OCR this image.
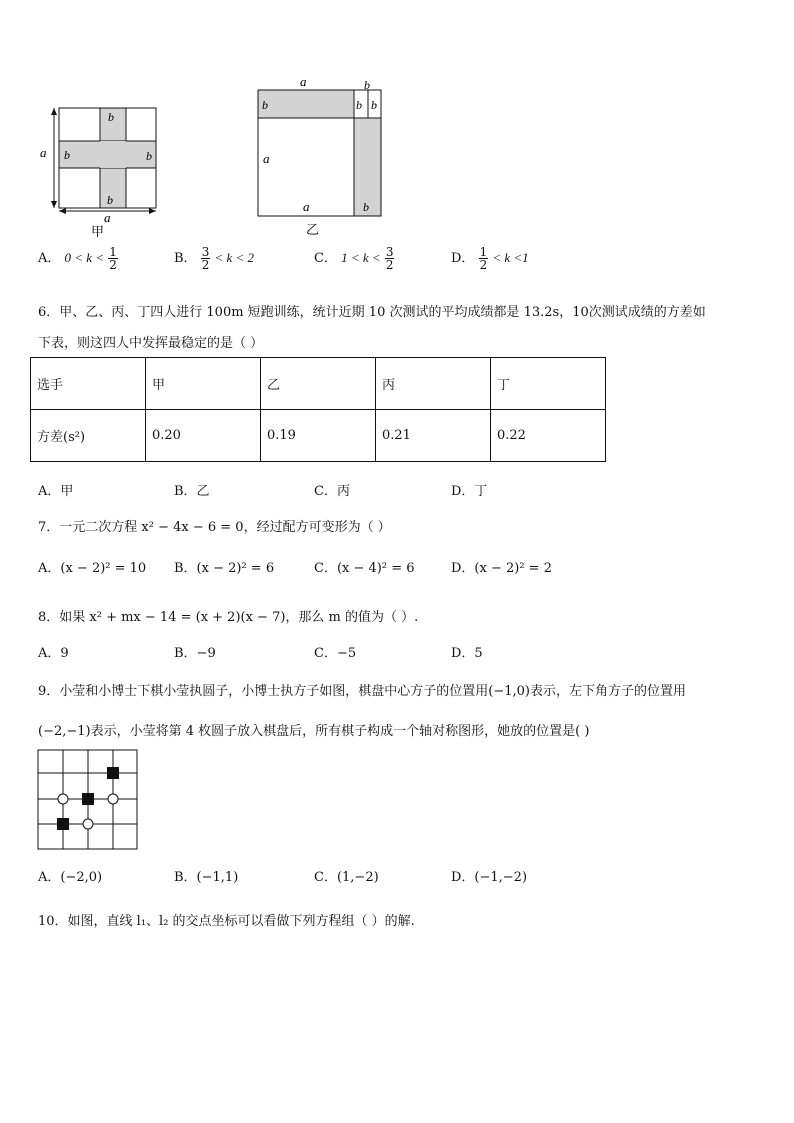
a
b
b	b
b
a
甲
a	b
b	b b
a
a	b
乙
A． $0 < k < \frac{1}{2}$	B． $\frac{3}{2} < k < 2$	C． $1 < k < \frac{3}{2}$	D． $\frac{1}{2} < k <1$
6．甲、乙、丙、丁四人进行 100m 短跑训练，统计近期 10 次测试的平均成绩都是 13.2s，10次测试成绩的方差如
下表，则这四人中发挥最稳定的是（ ）
选手	甲	乙	丙	丁
方差(s²)	0.20	0.19	0.21	0.22
A．甲	B．乙	C．丙	D．丁
7．一元二次方程 x² − 4x − 6 = 0，经过配方可变形为（ ）
A．(x − 2)² = 10 B．(x − 2)² = 6	C．(x − 4)² = 6	D．(x − 2)² = 2
8．如果 x² + mx − 14 = (x + 2)(x − 7)，那么 m 的值为（ ）.
A．9	B．−9	C．−5	D．5
9．小莹和小博士下棋小莹执圆子，小博士执方子如图，棋盘中心方子的位置用(−1,0)表示，左下角方子的位置用
(−2,−1)表示，小莹将第 4 枚圆子放入棋盘后，所有棋子构成一个轴对称图形，她放的位置是( )
A．(−2,0)	B．(−1,1)	C．(1,−2)	D．(−1,−2)
10．如图，直线 l₁、l₂ 的交点坐标可以看做下列方程组（ ）的解.
